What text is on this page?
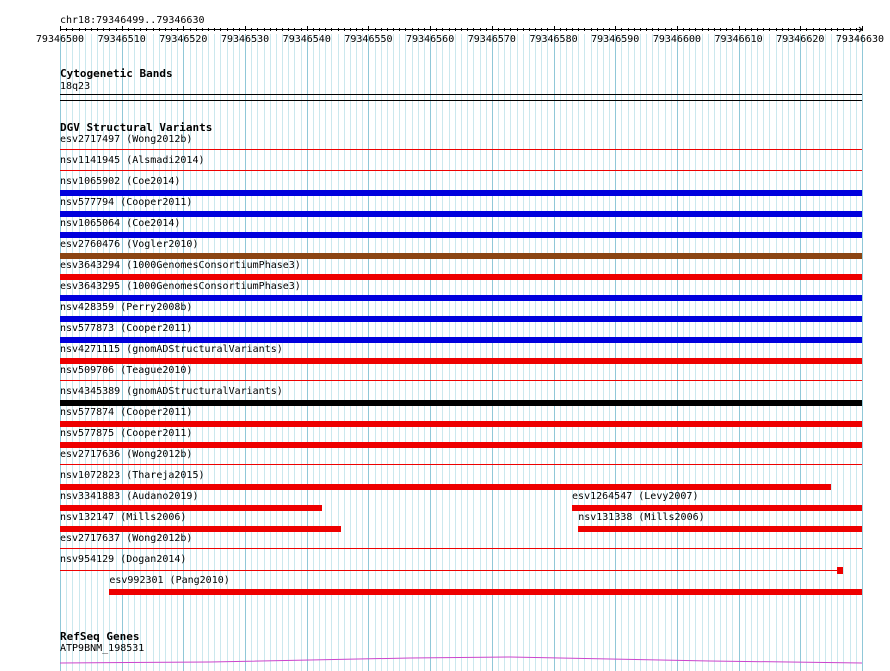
chr18:79346499..79346630
79346500 79346510 79346520 79346530 79346540 79346550 79346560 79346570 79346580 79346590 79346600 79346610 79346620 79346630
Cytogenetic Bands
18q23
DGV Structural Variants
esv2717497 (Wong2012b)
nsv1141945 (Alsmadi2014)
nsv1065902 (Coe2014)
nsv577794 (Cooper2011)
nsv1065064 (Coe2014)
esv2760476 (Vogler2010)
esv3643294 (1000GenomesConsortiumPhase3)
esv3643295 (1000GenomesConsortiumPhase3)
nsv428359 (Perry2008b)
nsv577873 (Cooper2011)
nsv4271115 (gnomADStructuralVariants)
nsv509706 (Teague2010)
nsv4345389 (gnomADStructuralVariants)
nsv577874 (Cooper2011)
nsv577875 (Cooper2011)
esv2717636 (Wong2012b)
nsv1072823 (Thareja2015)
nsv3341883 (Audano2019)	esv1264547 (Levy2007)
nsv132147 (Mills2006)	nsv131338 (Mills2006)
esv2717637 (Wong2012b)
nsv954129 (Dogan2014)
esv992301 (Pang2010)
RefSeq Genes
ATP9BNM_198531
